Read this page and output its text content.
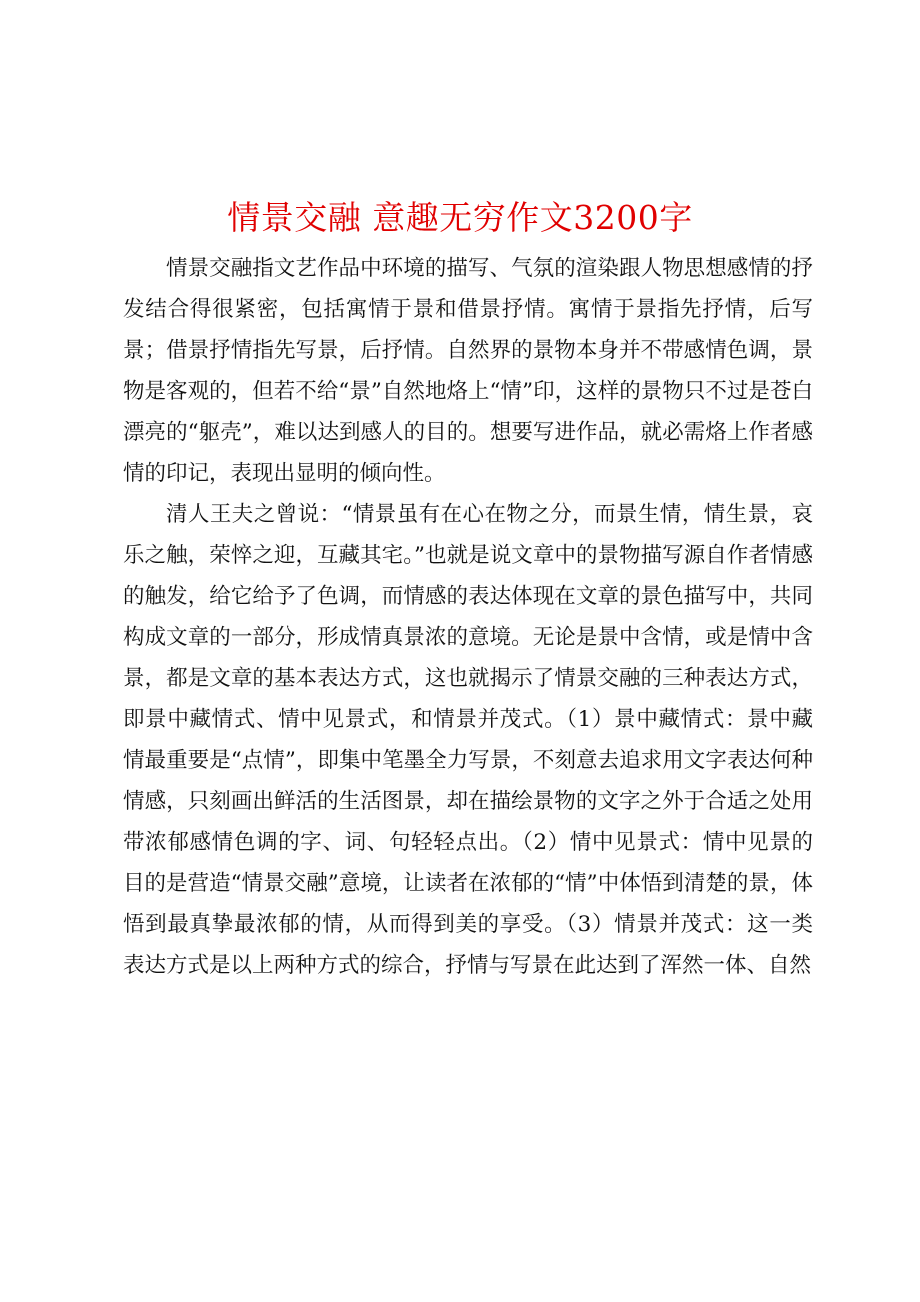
情景交融 意趣无穷作文3200字

情景交融指文艺作品中环境的描写、气氛的渲染跟人物思想感情的抒发结合得很紧密，包括寓情于景和借景抒情。寓情于景指先抒情，后写景；借景抒情指先写景，后抒情。自然界的景物本身并不带感情色调，景物是客观的，但若不给“景”自然地烙上“情”印，这样的景物只不过是苍白漂亮的“躯壳”，难以达到感人的目的。想要写进作品，就必需烙上作者感情的印记，表现出显明的倾向性。

清人王夫之曾说：“情景虽有在心在物之分，而景生情，情生景，哀乐之触，荣悴之迎，互藏其宅。”也就是说文章中的景物描写源自作者情感的触发，给它给予了色调，而情感的表达体现在文章的景色描写中，共同构成文章的一部分，形成情真景浓的意境。无论是景中含情，或是情中含景，都是文章的基本表达方式，这也就揭示了情景交融的三种表达方式，即景中藏情式、情中见景式，和情景并茂式。（1）景中藏情式：景中藏情最重要是“点情”，即集中笔墨全力写景，不刻意去追求用文字表达何种情感，只刻画出鲜活的生活图景，却在描绘景物的文字之外于合适之处用带浓郁感情色调的字、词、句轻轻点出。（2）情中见景式：情中见景的目的是营造“情景交融”意境，让读者在浓郁的“情”中体悟到清楚的景，体悟到最真挚最浓郁的情，从而得到美的享受。（3）情景并茂式：这一类表达方式是以上两种方式的综合，抒情与写景在此达到了浑然一体、自然
